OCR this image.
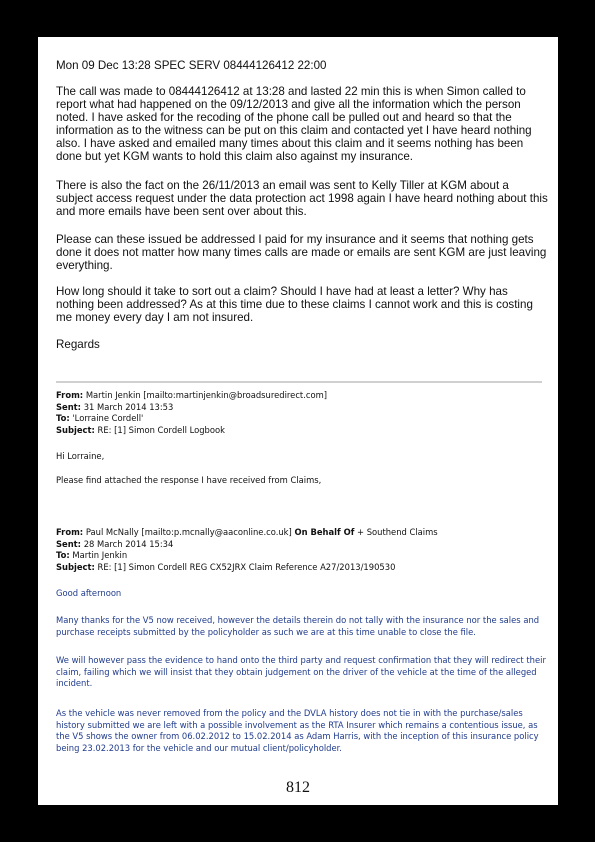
Mon 09 Dec 13:28 SPEC SERV 08444126412 22:00

The call was made to 08444126412 at 13:28 and lasted 22 min this is when Simon called to report what had happened on the 09/12/2013 and give all the information which the person noted. I have asked for the recoding of the phone call be pulled out and heard so that the information as to the witness can be put on this claim and contacted yet I have heard nothing also. I have asked and emailed many times about this claim and it seems nothing has been done but yet KGM wants to hold this claim also against my insurance.

There is also the fact on the 26/11/2013 an email was sent to Kelly Tiller at KGM about a subject access request under the data protection act 1998 again I have heard nothing about this and more emails have been sent over about this.

Please can these issued be addressed I paid for my insurance and it seems that nothing gets done it does not matter how many times calls are made or emails are sent KGM are just leaving everything.

How long should it take to sort out a claim? Should I have had at least a letter? Why has nothing been addressed? As at this time due to these claims I cannot work and this is costing me money every day I am not insured.

Regards

From: Martin Jenkin [mailto:martinjenkin@broadsuredirect.com]
Sent: 31 March 2014 13:53
To: 'Lorraine Cordell'
Subject: RE: [1] Simon Cordell Logbook
Hi Lorraine,
Please find attached the response I have received from Claims,
From: Paul McNally [mailto:p.mcnally@aaconline.co.uk] On Behalf Of + Southend Claims
Sent: 28 March 2014 15:34
To: Martin Jenkin
Subject: RE: [1] Simon Cordell REG CX52JRX Claim Reference A27/2013/190530
Good afternoon
Many thanks for the V5 now received, however the details therein do not tally with the insurance nor the sales and purchase receipts submitted by the policyholder as such we are at this time unable to close the file.
We will however pass the evidence to hand onto the third party and request confirmation that they will redirect their claim, failing which we will insist that they obtain judgement on the driver of the vehicle at the time of the alleged incident.
As the vehicle was never removed from the policy and the DVLA history does not tie in with the purchase/sales history submitted we are left with a possible involvement as the RTA Insurer which remains a contentious issue, as the V5 shows the owner from 06.02.2012 to 15.02.2014 as Adam Harris, with the inception of this insurance policy being 23.02.2013 for the vehicle and our mutual client/policyholder.
812
